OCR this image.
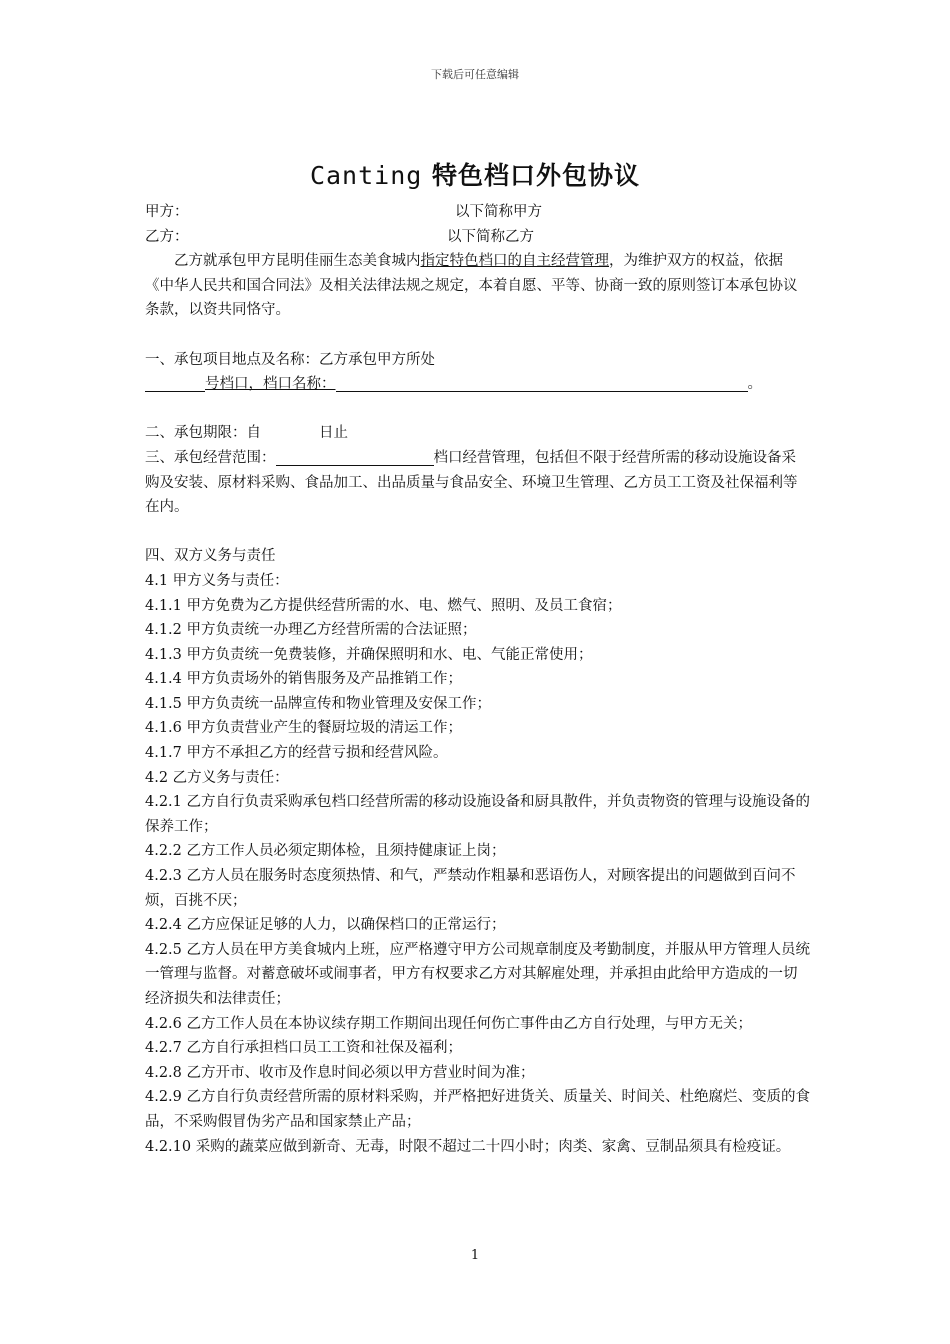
下载后可任意编辑
Canting 特色档口外包协议
甲方：	以下简称甲方
乙方：	以下简称乙方

乙方就承包甲方昆明佳丽生态美食城内指定特色档口的自主经营管理，为维护双方的权益，依据《中华人民共和国合同法》及相关法律法规之规定，本着自愿、平等、协商一致的原则签订本承包协议条款，以资共同恪守。

一、承包项目地点及名称：乙方承包甲方所处

号档口，档口名称：	。

二、承包期限：自　　　　日止

三、承包经营范围：	档口经营管理，包括但不限于经营所需的移动设施设备采购及安装、原材料采购、食品加工、出品质量与食品安全、环境卫生管理、乙方员工工资及社保福利等在内。

四、双方义务与责任

4.1 甲方义务与责任：

4.1.1 甲方免费为乙方提供经营所需的水、电、燃气、照明、及员工食宿；

4.1.2 甲方负责统一办理乙方经营所需的合法证照；

4.1.3 甲方负责统一免费装修，并确保照明和水、电、气能正常使用；

4.1.4 甲方负责场外的销售服务及产品推销工作；

4.1.5 甲方负责统一品牌宣传和物业管理及安保工作；

4.1.6 甲方负责营业产生的餐厨垃圾的清运工作；

4.1.7 甲方不承担乙方的经营亏损和经营风险。

4.2 乙方义务与责任：

4.2.1 乙方自行负责采购承包档口经营所需的移动设施设备和厨具散件，并负责物资的管理与设施设备的保养工作；

4.2.2 乙方工作人员必须定期体检，且须持健康证上岗；

4.2.3 乙方人员在服务时态度须热情、和气，严禁动作粗暴和恶语伤人，对顾客提出的问题做到百问不烦，百挑不厌；

4.2.4 乙方应保证足够的人力，以确保档口的正常运行；

4.2.5 乙方人员在甲方美食城内上班，应严格遵守甲方公司规章制度及考勤制度，并服从甲方管理人员统一管理与监督。对蓄意破坏或闹事者，甲方有权要求乙方对其解雇处理，并承担由此给甲方造成的一切经济损失和法律责任；

4.2.6 乙方工作人员在本协议续存期工作期间出现任何伤亡事件由乙方自行处理，与甲方无关；

4.2.7 乙方自行承担档口员工工资和社保及福利；

4.2.8 乙方开市、收市及作息时间必须以甲方营业时间为准；

4.2.9 乙方自行负责经营所需的原材料采购，并严格把好进货关、质量关、时间关、杜绝腐烂、变质的食品，不采购假冒伪劣产品和国家禁止产品；

4.2.10 采购的蔬菜应做到新奇、无毒，时限不超过二十四小时；肉类、家禽、豆制品须具有检疫证。

1
